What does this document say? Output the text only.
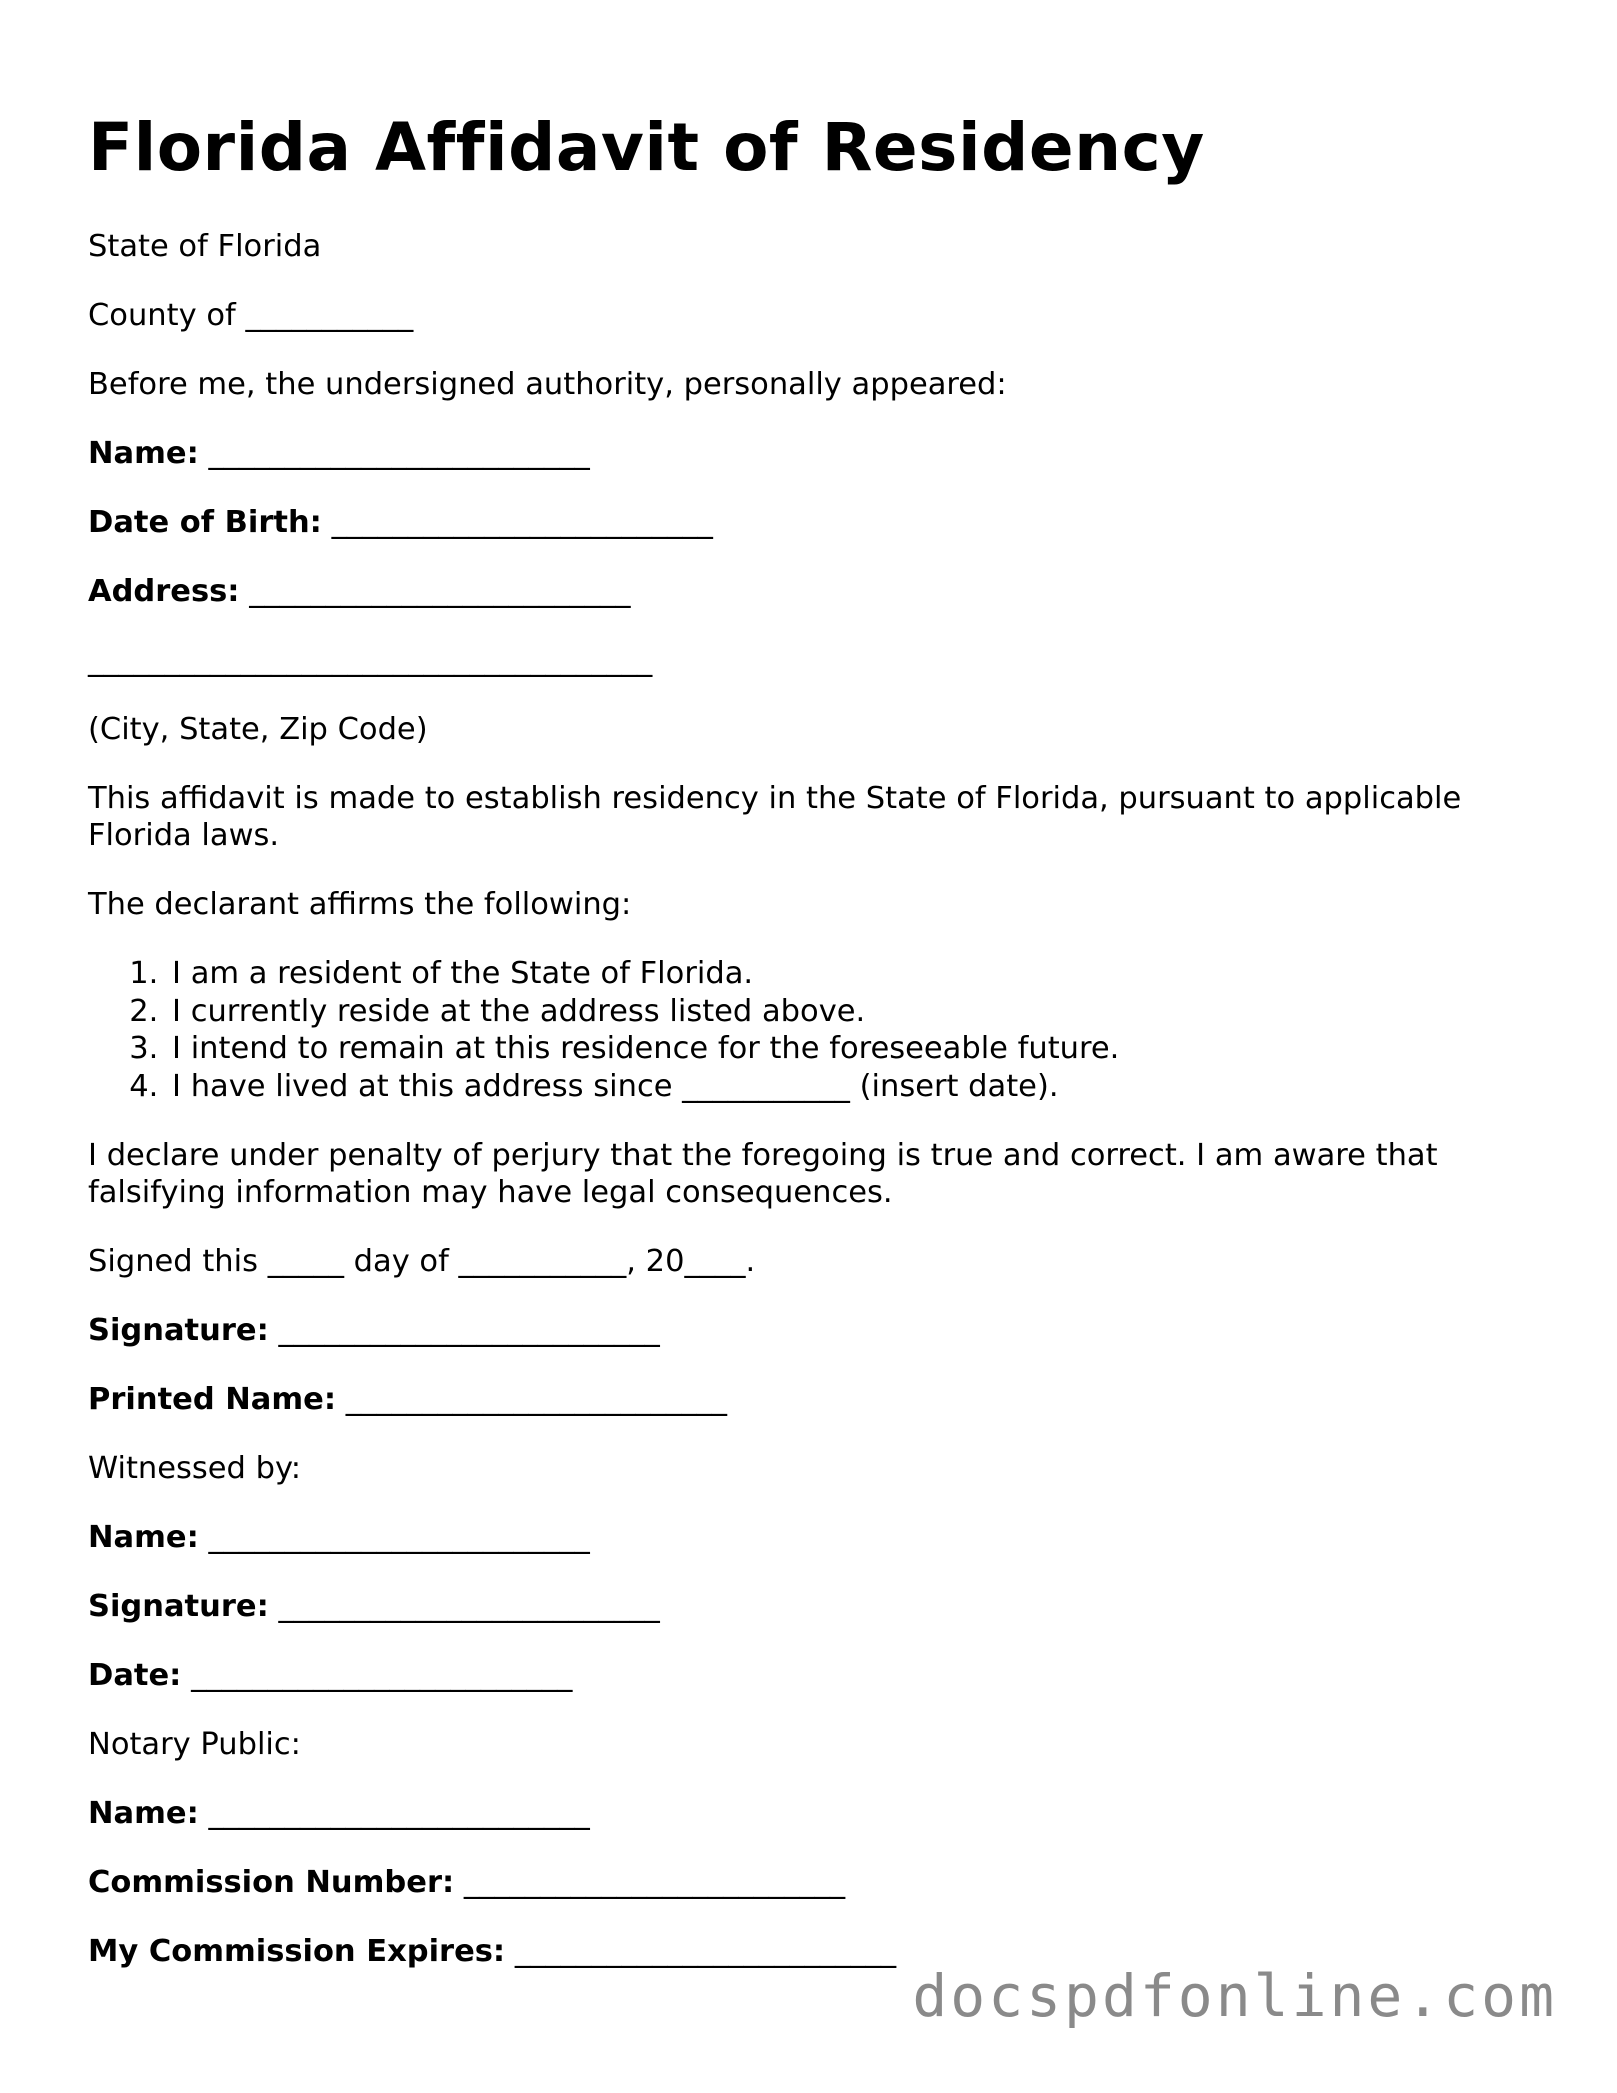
Florida Affidavit of Residency

State of Florida

County of ___________

Before me, the undersigned authority, personally appeared:

Name: _________________________

Date of Birth: _________________________

Address: _________________________

_____________________________________

(City, State, Zip Code)

This affidavit is made to establish residency in the State of Florida, pursuant to applicable Florida laws.

The declarant affirms the following:

1. I am a resident of the State of Florida.
2. I currently reside at the address listed above.
3. I intend to remain at this residence for the foreseeable future.
4. I have lived at this address since ___________ (insert date).

I declare under penalty of perjury that the foregoing is true and correct. I am aware that falsifying information may have legal consequences.

Signed this _____ day of ___________, 20____.

Signature: _________________________

Printed Name: _________________________

Witnessed by:

Name: _________________________

Signature: _________________________

Date: _________________________

Notary Public:

Name: _________________________

Commission Number: _________________________

My Commission Expires: _________________________

docspdfonline.com
